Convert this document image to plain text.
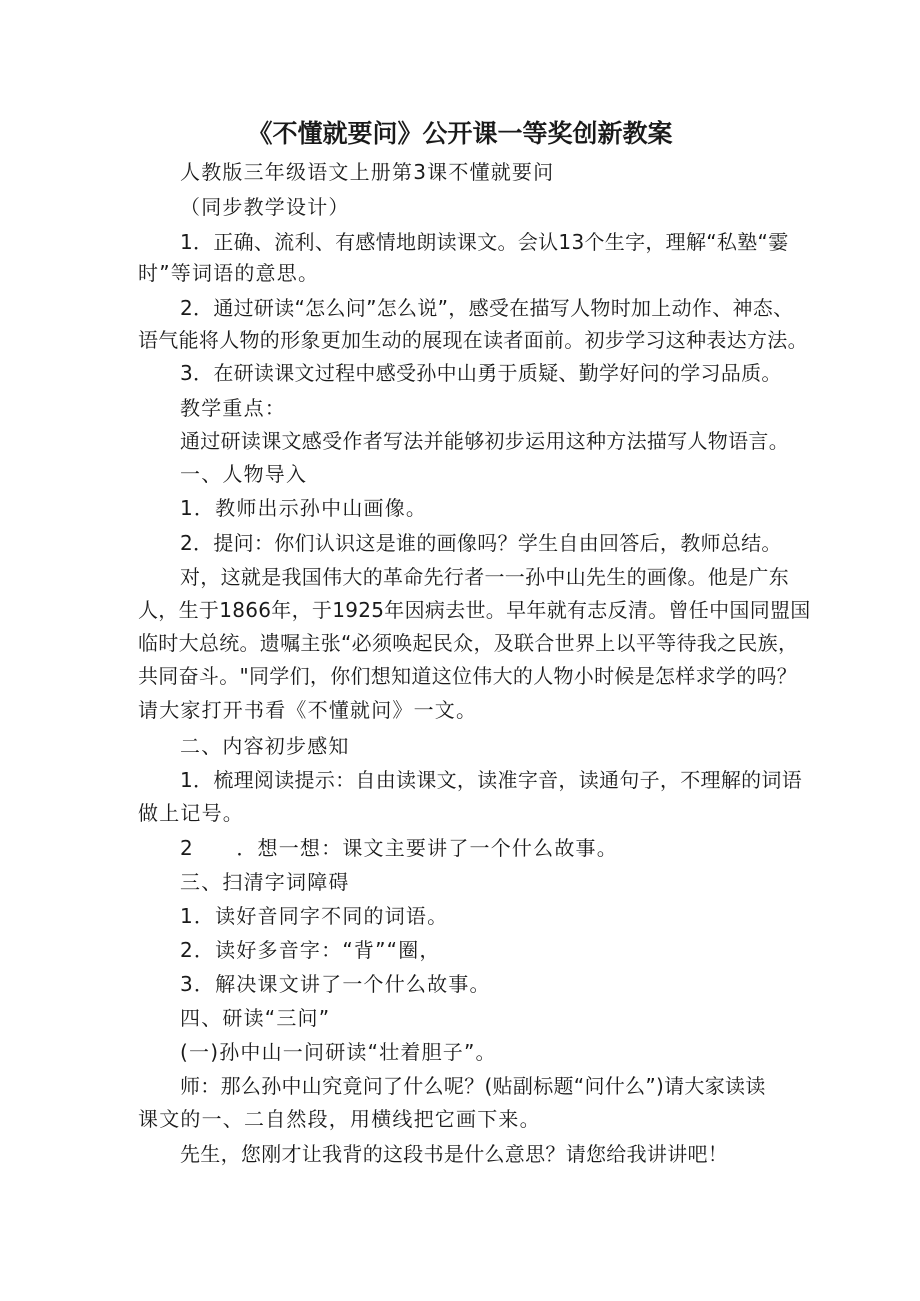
《不懂就要问》公开课一等奖创新教案
人教版三年级语文上册第3课不懂就要问
（同步教学设计）
1．正确、流利、有感情地朗读课文。会认13个生字，理解“私塾“霎
时”等词语的意思。
2．通过研读“怎么问”怎么说”，感受在描写人物时加上动作、神态、
语气能将人物的形象更加生动的展现在读者面前。初步学习这种表达方法。
3．在研读课文过程中感受孙中山勇于质疑、勤学好问的学习品质。
教学重点：
通过研读课文感受作者写法并能够初步运用这种方法描写人物语言。
一、人物导入
1．教师出示孙中山画像。
2．提问：你们认识这是谁的画像吗？学生自由回答后，教师总结。
对，这就是我国伟大的革命先行者一一孙中山先生的画像。他是广东
人，生于1866年，于1925年因病去世。早年就有志反清。曾任中国同盟国
临时大总统。遗嘱主张“必须唤起民众，及联合世界上以平等待我之民族，
共同奋斗。"同学们，你们想知道这位伟大的人物小时候是怎样求学的吗？
请大家打开书看《不懂就问》一文。
二、内容初步感知
1．梳理阅读提示：自由读课文，读准字音，读通句子，不理解的词语
做上记号。
2　　．想一想：课文主要讲了一个什么故事。
三、扫清字词障碍
1．读好音同字不同的词语。
2．读好多音字：“背”“圈，
3．解决课文讲了一个什么故事。
四、研读“三问”
(一)孙中山一问研读“壮着胆子”。
师：那么孙中山究竟问了什么呢？(贴副标题“问什么”)请大家读读
课文的一、二自然段，用横线把它画下来。
先生，您刚才让我背的这段书是什么意思？请您给我讲讲吧！
